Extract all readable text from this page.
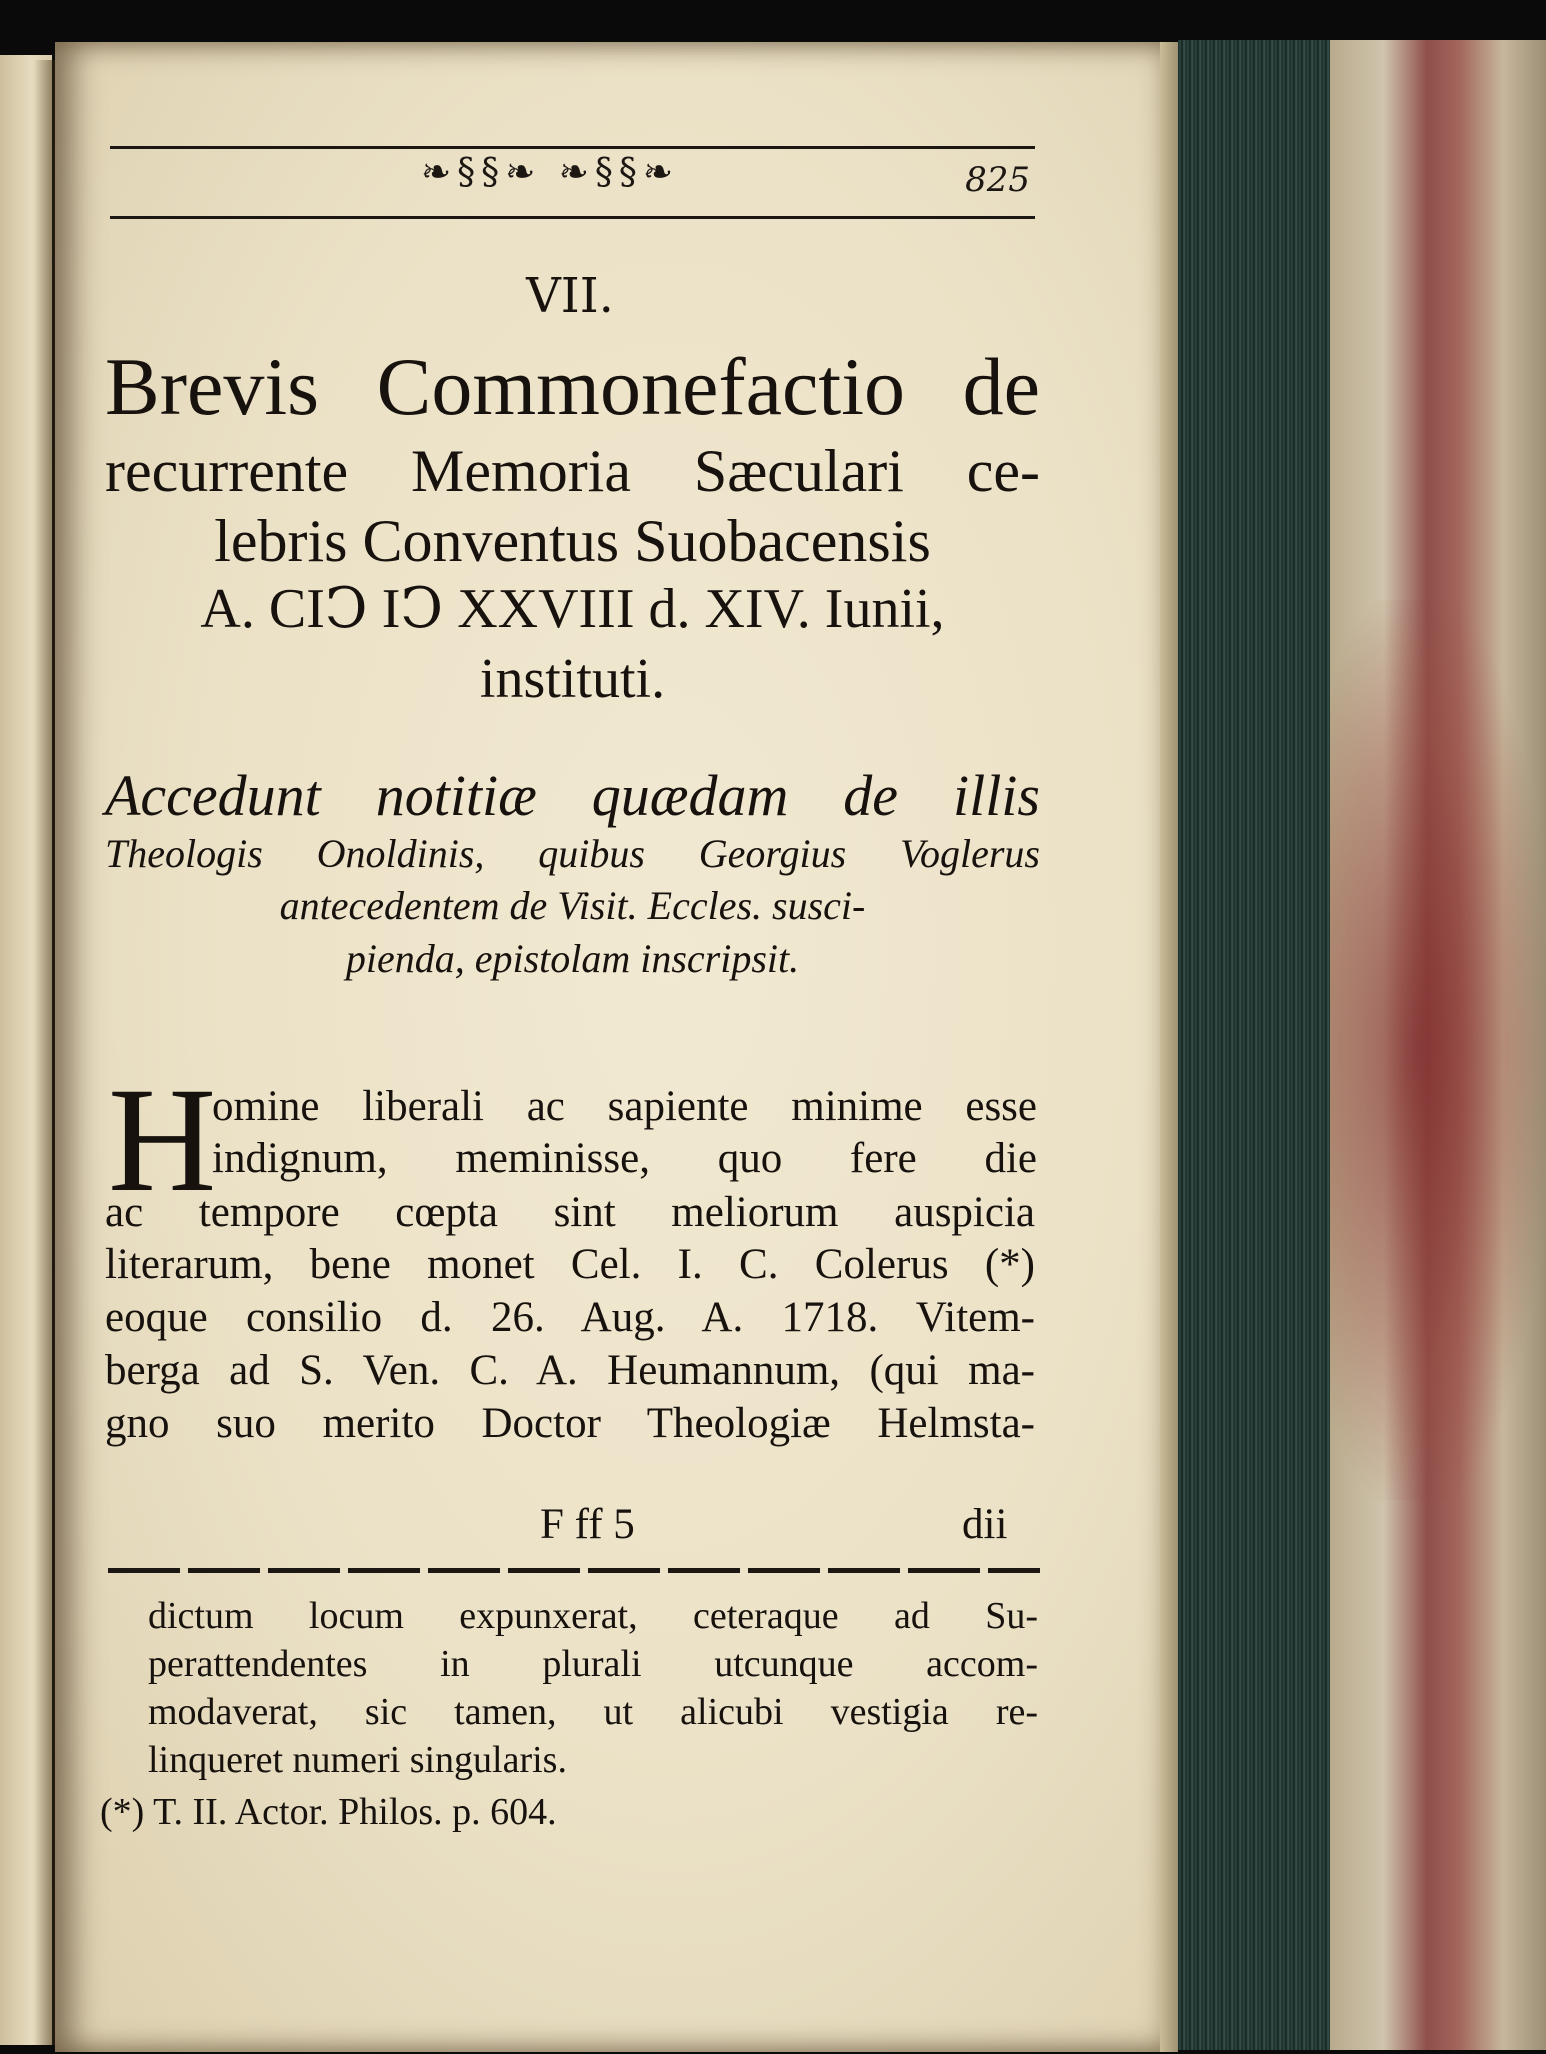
❧§§❧ ❧§§❧	825
VII.
Brevis Commonefactio de
recurrente Memoria Sæculari ce-
lebris Conventus Suobacensis
A. CIↃ IↃ XXVIII d. XIV. Iunii,
instituti.
Accedunt notitiæ quædam de illis
Theologis Onoldinis, quibus Georgius Voglerus
antecedentem de Visit. Eccles. susci-
pienda, epistolam inscripsit.
H
omine liberali ac sapiente minime esse
indignum, meminisse, quo fere die
ac tempore cœpta sint meliorum auspicia
literarum, bene monet Cel. I. C. Colerus (*)
eoque consilio d. 26. Aug. A. 1718. Vitem-
berga ad S. Ven. C. A. Heumannum, (qui ma-
gno suo merito Doctor Theologiæ Helmsta-
F ff 5	dii
dictum locum expunxerat, ceteraque ad Su-
perattendentes in plurali utcunque accom-
modaverat, sic tamen, ut alicubi vestigia re-
linqueret numeri singularis.
(*) T. II. Actor. Philos. p. 604.
